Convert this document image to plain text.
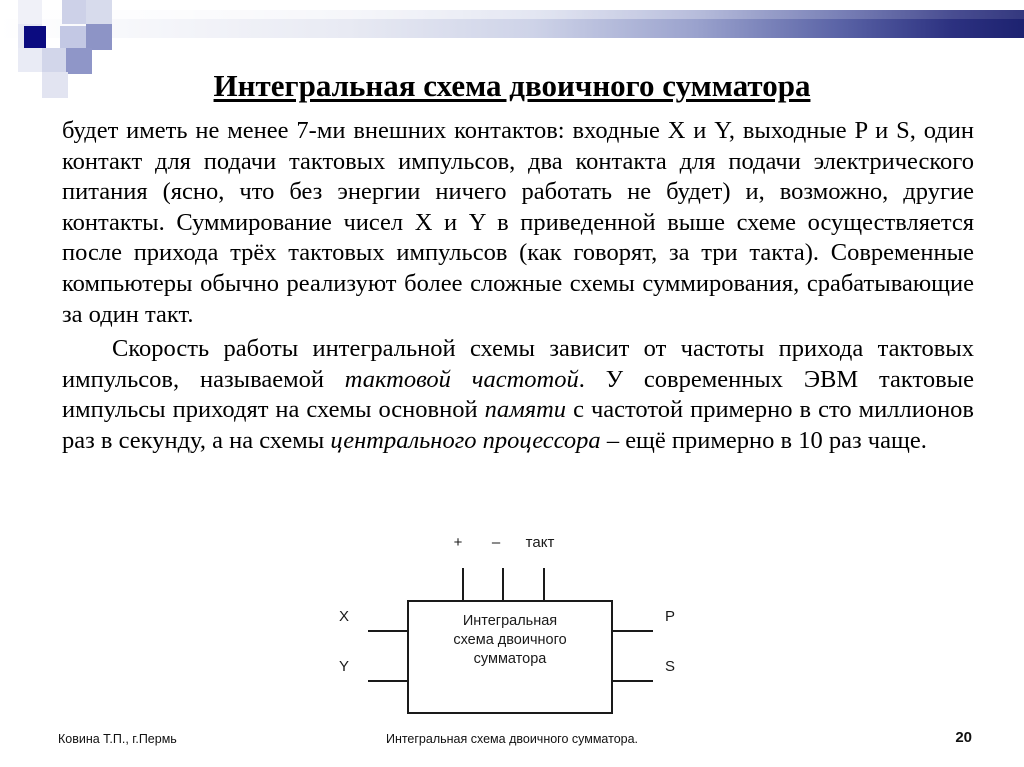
Интегральная схема двоичного сумматора

будет иметь не менее 7-ми внешних контактов: входные X и Y, выходные P и S, один контакт для подачи тактовых импульсов, два контакта для подачи электрического питания (ясно, что без энергии ничего работать не будет) и, возможно, другие контакты. Суммирование чисел X и Y в приведенной выше схеме осуществляется после прихода трёх тактовых импульсов (как говорят, за три такта). Современные компьютеры обычно реализуют более сложные схемы суммирования, срабатывающие за один такт.

Скорость работы интегральной схемы зависит от частоты прихода тактовых импульсов, называемой тактовой частотой. У современных ЭВМ тактовые импульсы приходят на схемы основной памяти с частотой примерно в сто миллионов раз в секунду, а на схемы центрального процессора – ещё примерно в 10 раз чаще.

+ – такт
X
Y
P
S
Интегральная
схема двоичного
сумматора
Ковина Т.П., г.Пермь	Интегральная схема двоичного сумматора.	20
